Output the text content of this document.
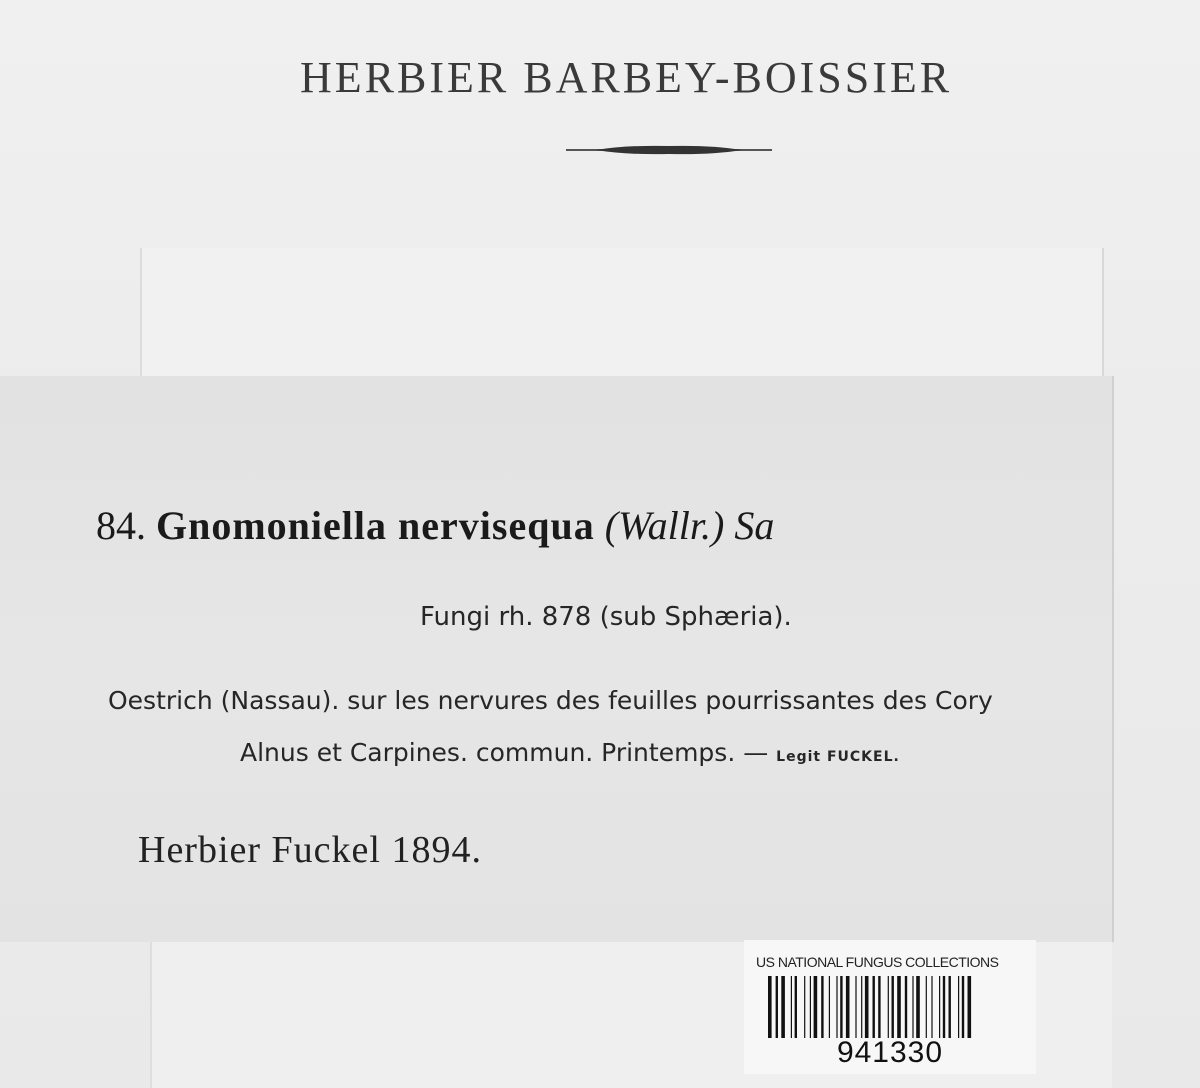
HERBIER BARBEY-BOISSIER
84. Gnomoniella nervisequa (Wallr.) Sa
Fungi rh. 878 (sub Sphæria).
Oestrich (Nassau). sur les nervures des feuilles pourrissantes des Cory
Alnus et Carpines. commun. Printemps. — Legit FUCKEL.
Herbier Fuckel 1894.
US NATIONAL FUNGUS COLLECTIONS
941330
